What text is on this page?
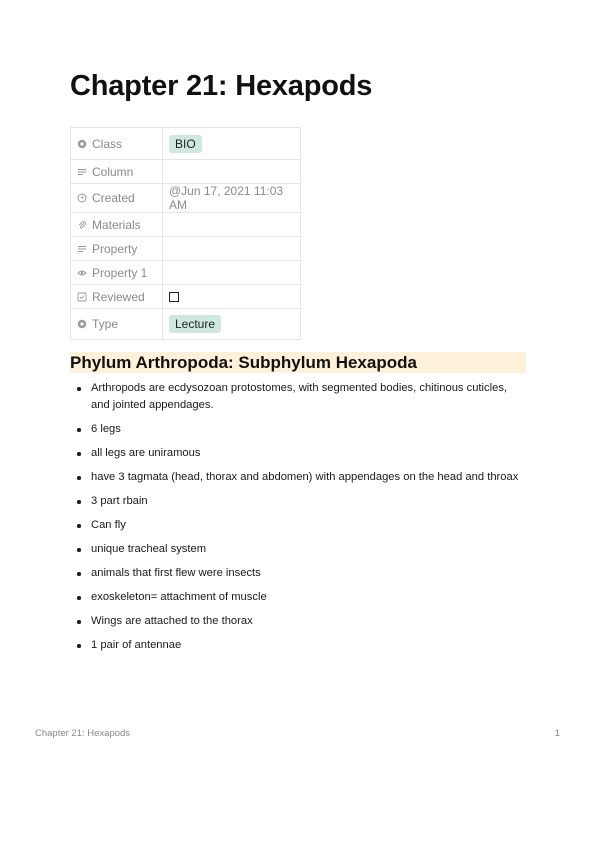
Chapter 21: Hexapods
Class	BIO

Column	

Created	@Jun 17, 2021 11:03 AM

Materials	

Property	

Property 1	

Reviewed	

Type	Lecture
Phylum Arthropoda: Subphylum Hexapoda
Arthropods are ecdysozoan protostomes, with segmented bodies, chitinous cuticles, and jointed appendages.
6 legs
all legs are uniramous
have 3 tagmata (head, thorax and abdomen) with appendages on the head and throax
3 part rbain
Can fly
unique tracheal system
animals that first flew were insects
exoskeleton= attachment of muscle
Wings are attached to the thorax
1 pair of antennae
Chapter 21: Hexapods	1
